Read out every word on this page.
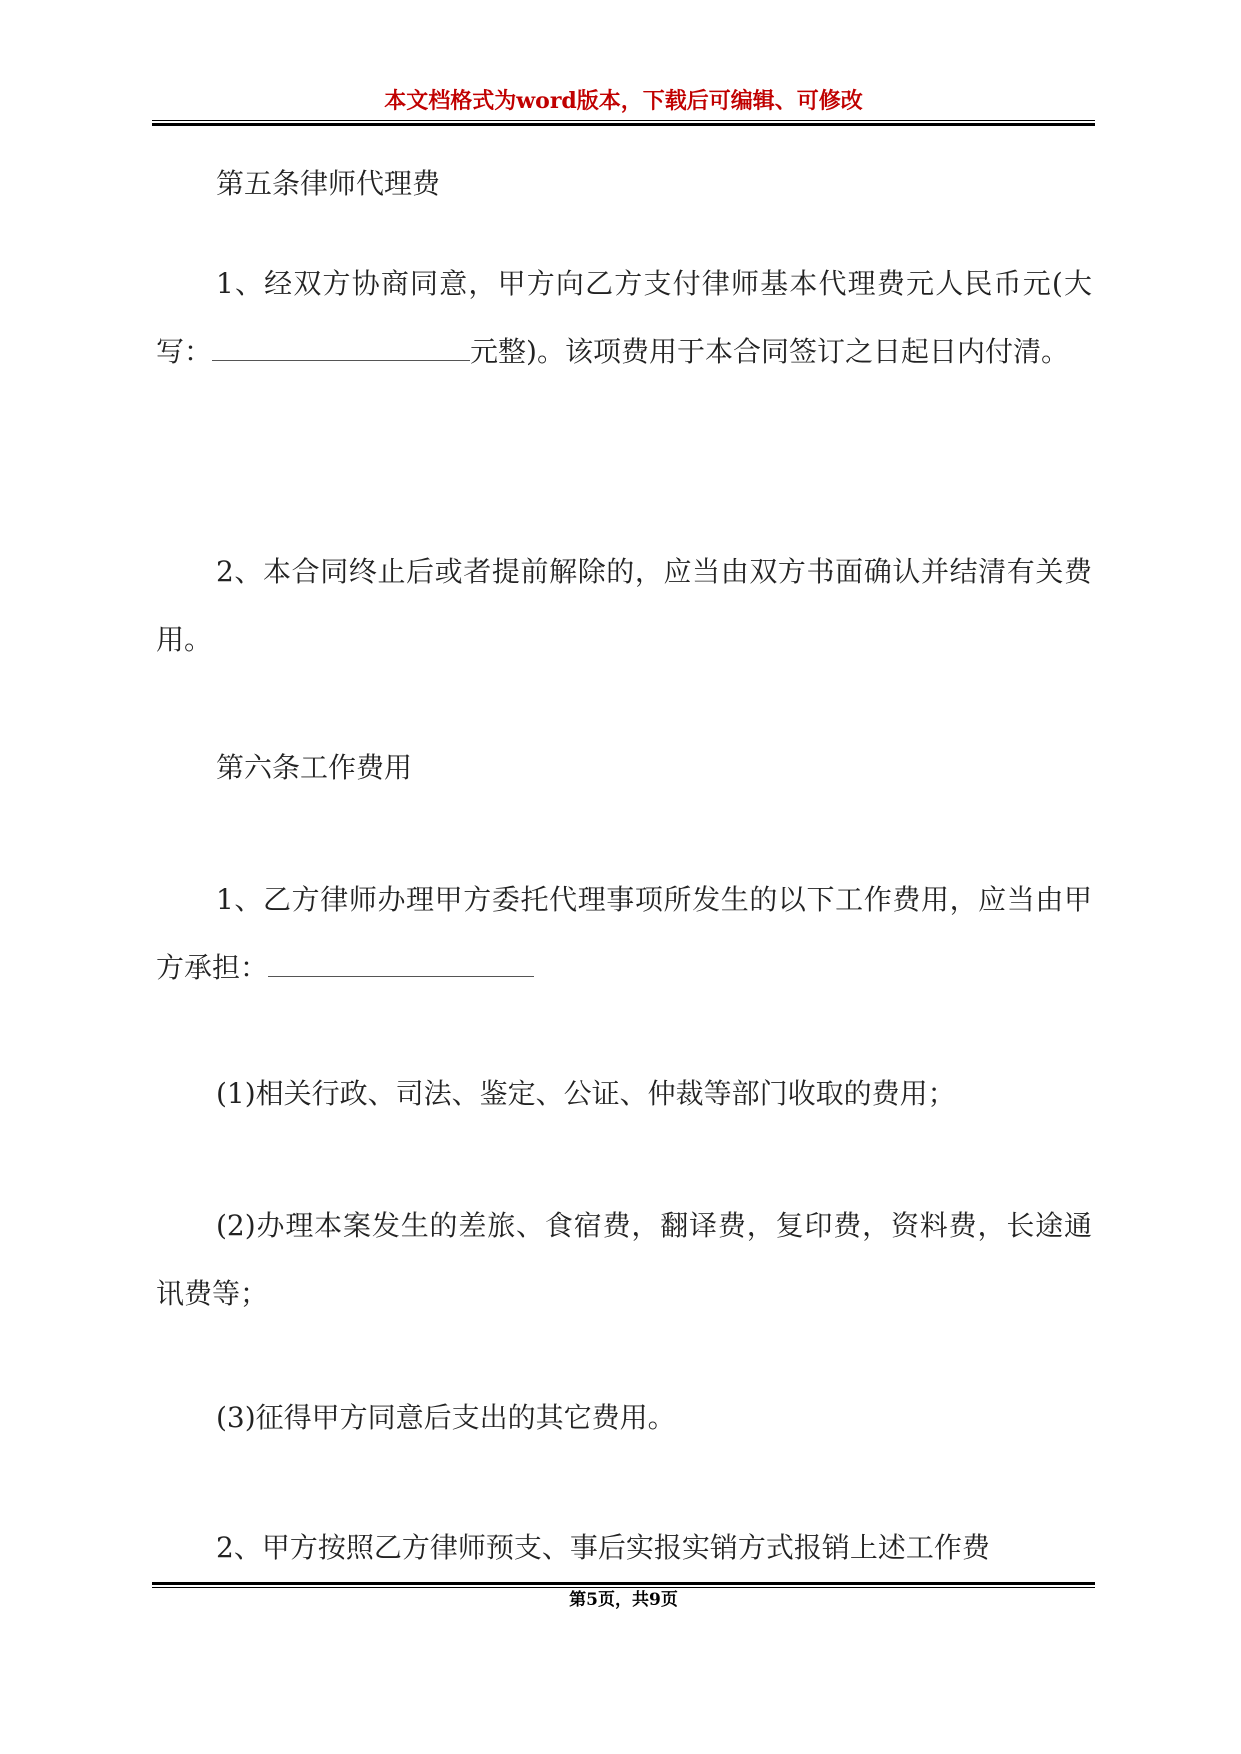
本文档格式为word版本，下载后可编辑、可修改
第五条律师代理费
1、经双方协商同意，甲方向乙方支付律师基本代理费元人民币元(大写：	元整)。该项费用于本合同签订之日起日内付清。
2、本合同终止后或者提前解除的，应当由双方书面确认并结清有关费用。
第六条工作费用
1、乙方律师办理甲方委托代理事项所发生的以下工作费用，应当由甲方承担：
(1)相关行政、司法、鉴定、公证、仲裁等部门收取的费用；
(2)办理本案发生的差旅、食宿费，翻译费，复印费，资料费，长途通讯费等；
(3)征得甲方同意后支出的其它费用。
2、甲方按照乙方律师预支、事后实报实销方式报销上述工作费
第5页，共9页
